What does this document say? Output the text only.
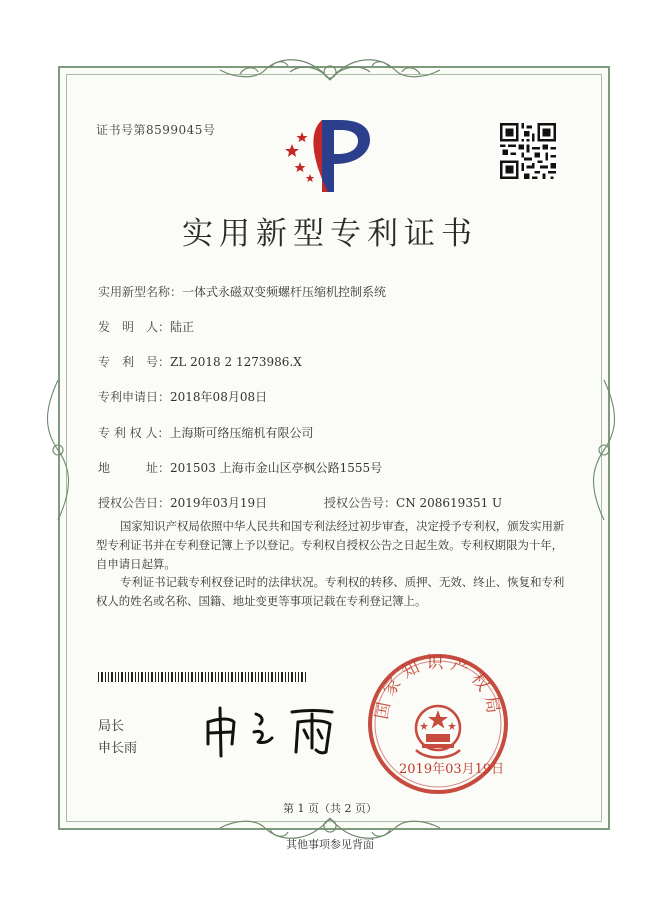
证书号第8599045号
实用新型专利证书
实用新型名称：一体式永磁双变频螺杆压缩机控制系统
发　明　人：陆正
专　利　号：ZL 2018 2 1273986.X
专利申请日：2018年08月08日
专 利 权 人：上海斯可络压缩机有限公司
地　　　址：201503 上海市金山区亭枫公路1555号
授权公告日：2019年03月19日	授权公告号：CN 208619351 U
国家知识产权局依照中华人民共和国专利法经过初步审查，决定授予专利权，颁发实用新型专利证书并在专利登记簿上予以登记。专利权自授权公告之日起生效。专利权期限为十年，自申请日起算。
专利证书记载专利权登记时的法律状况。专利权的转移、质押、无效、终止、恢复和专利权人的姓名或名称、国籍、地址变更等事项记载在专利登记簿上。
局长
申长雨
国家知识产权局
2019年03月19日
第 1 页（共 2 页）
其他事项参见背面
